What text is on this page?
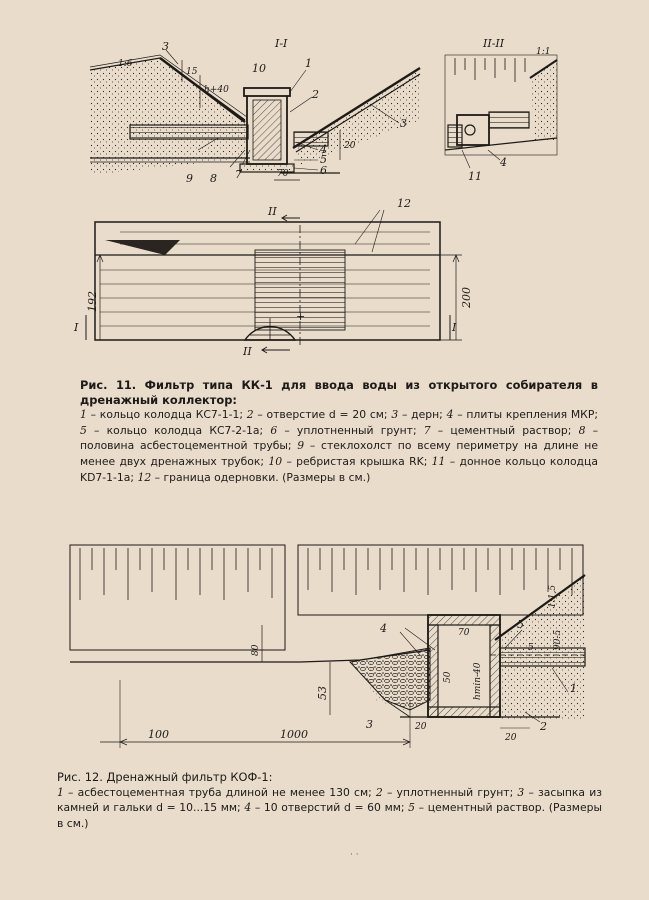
I-I	II-II
1:6
1:1
15
h+40
20
70
3
10	1
2
3
4
5
6
7
8
9
4
11
12
II
II
I	I
+
192	200
80
53
100	1000
70
50 hmin-40
20
20
5 90-5
1:1,5
4	5
1
2
3
Рис. 11. Фильтр типа КК-1 для ввода воды из открытого собирателя в дренажный коллектор:
1 – кольцо колодца КС7-1-1; 2 – отверстие d = 20 см; 3 – дерн; 4 – плиты крепления МКР; 5 – кольцо колодца КС7-2-1а; 6 – уплотненный грунт; 7 – цементный раствор; 8 – половина асбестоцементной трубы; 9 – стеклохолст по всему периметру на длине не менее двух дренажных трубок; 10 – ребристая крышка RK; 11 – донное кольцо колодца KD7-1-1а; 12 – граница одерновки. (Размеры в см.)
Рис. 12. Дренажный фильтр КОФ-1:
1 – асбестоцементная труба длиной не менее 130 см; 2 – уплотненный грунт; 3 – засыпка из камней и гальки d = 10...15 мм; 4 – 10 отверстий d = 60 мм; 5 – цементный раствор. (Размеры в см.)
· ·
